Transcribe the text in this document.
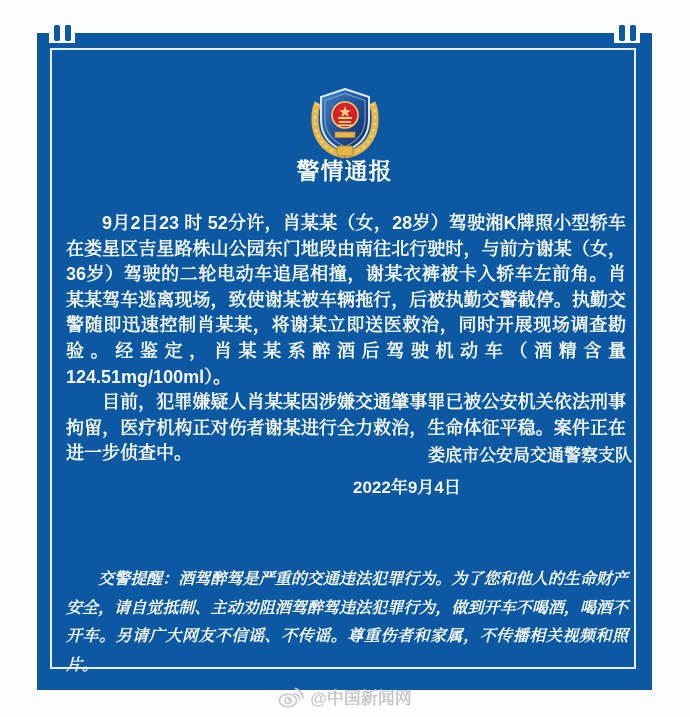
警情通报

9月2日23 时 52分许，肖某某（女，28岁）驾驶湘K牌照小型轿车在娄星区吉星路株山公园东门地段由南往北行驶时，与前方谢某（女，36岁）驾驶的二轮电动车追尾相撞，谢某衣裤被卡入轿车左前角。肖某某驾车逃离现场，致使谢某被车辆拖行，后被执勤交警截停。执勤交警随即迅速控制肖某某，将谢某立即送医救治，同时开展现场调查勘验。经鉴定，肖某某系醉酒后驾驶机动车（酒精含量124.51mg/100ml）。

目前，犯罪嫌疑人肖某某因涉嫌交通肇事罪已被公安机关依法刑事拘留，医疗机构正对伤者谢某进行全力救治，生命体征平稳。案件正在进一步侦查中。	娄底市公安局交通警察支队
2022年9月4日
交警提醒：酒驾醉驾是严重的交通违法犯罪行为。为了您和他人的生命财产安全，请自觉抵制、主动劝阻酒驾醉驾违法犯罪行为，做到开车不喝酒，喝酒不开车。另请广大网友不信谣、不传谣。尊重伤者和家属，不传播相关视频和照片。
@中国新闻网
